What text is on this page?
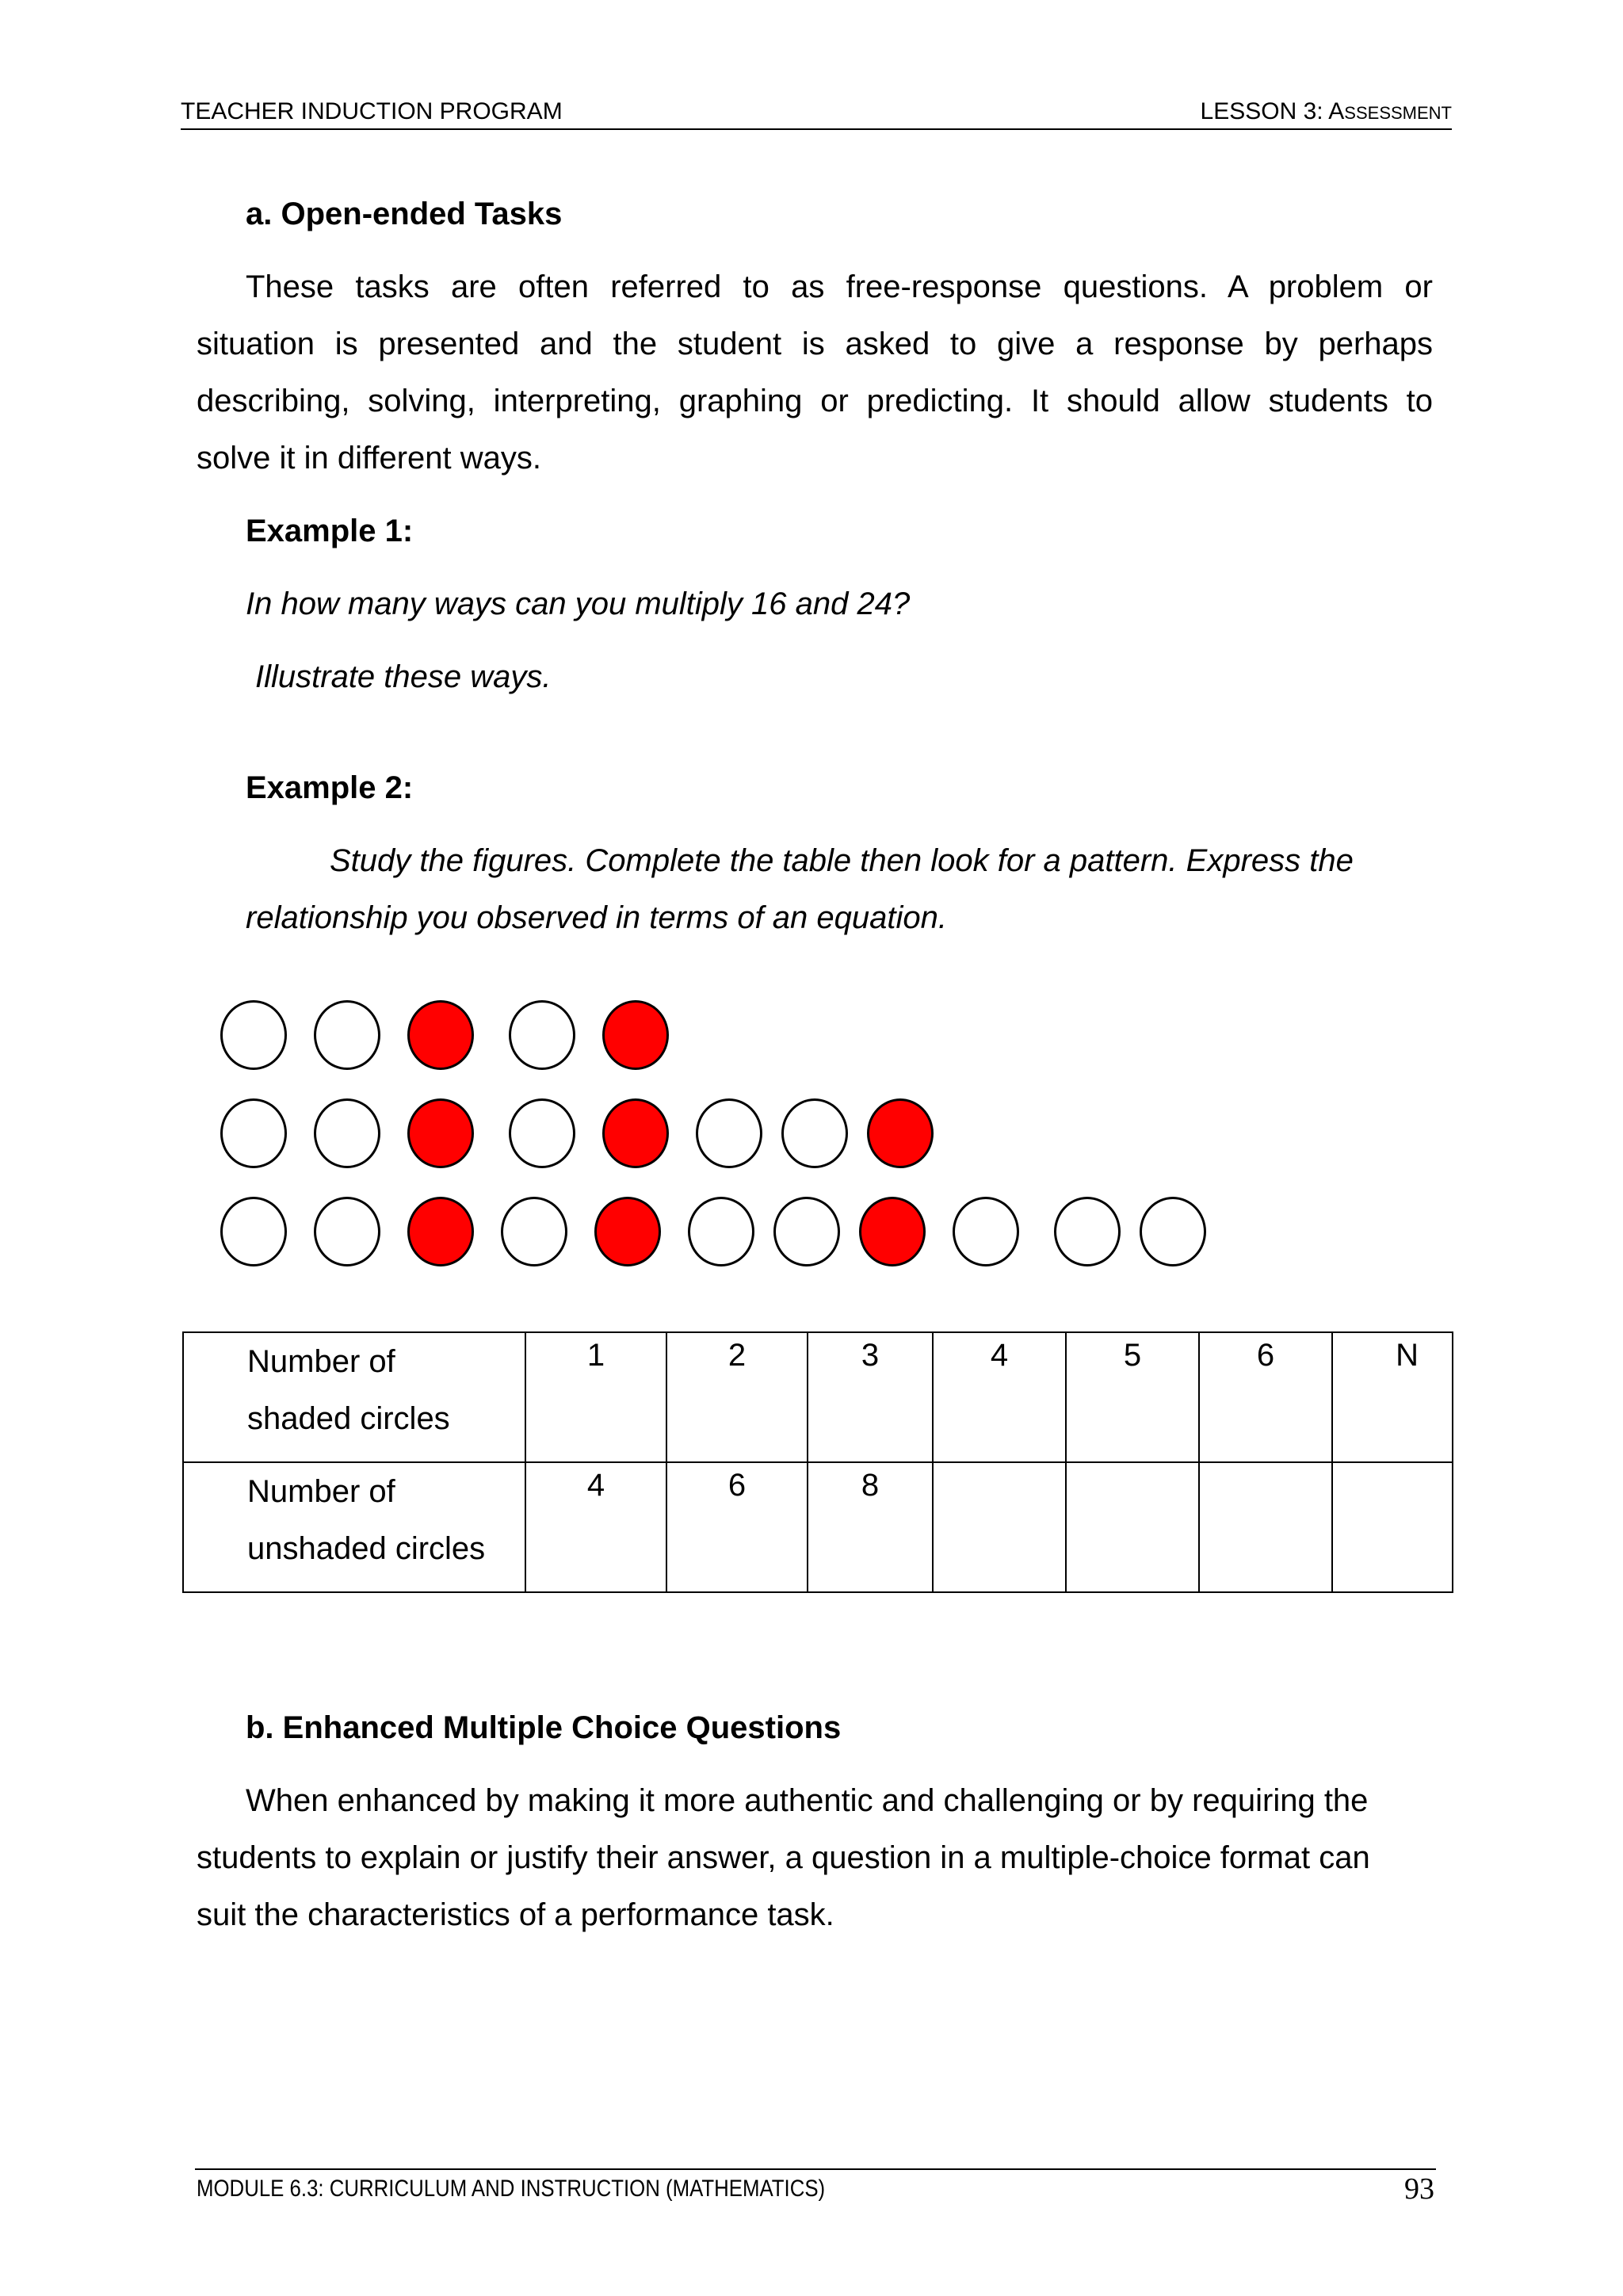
TEACHER INDUCTION PROGRAM	LESSON 3: ASSESSMENT
a. Open-ended Tasks
These tasks are often referred to as free-response questions. A problem or
situation is presented and the student is asked to give a response by perhaps
describing, solving, interpreting, graphing or predicting. It should allow students to
solve it in different ways.
Example 1:
In how many ways can you multiply 16 and 24?
Illustrate these ways.
Example 2:
Study the figures. Complete the table then look for a pattern. Express the
relationship you observed in terms of an equation.
Number of
shaded circles	1	2	3	4	5	6	N

Number of
unshaded circles	4	6	8				

b. Enhanced Multiple Choice Questions
When enhanced by making it more authentic and challenging or by requiring the
students to explain or justify their answer, a question in a multiple-choice format can
suit the characteristics of a performance task.
MODULE 6.3: CURRICULUM AND INSTRUCTION (MATHEMATICS)	93
